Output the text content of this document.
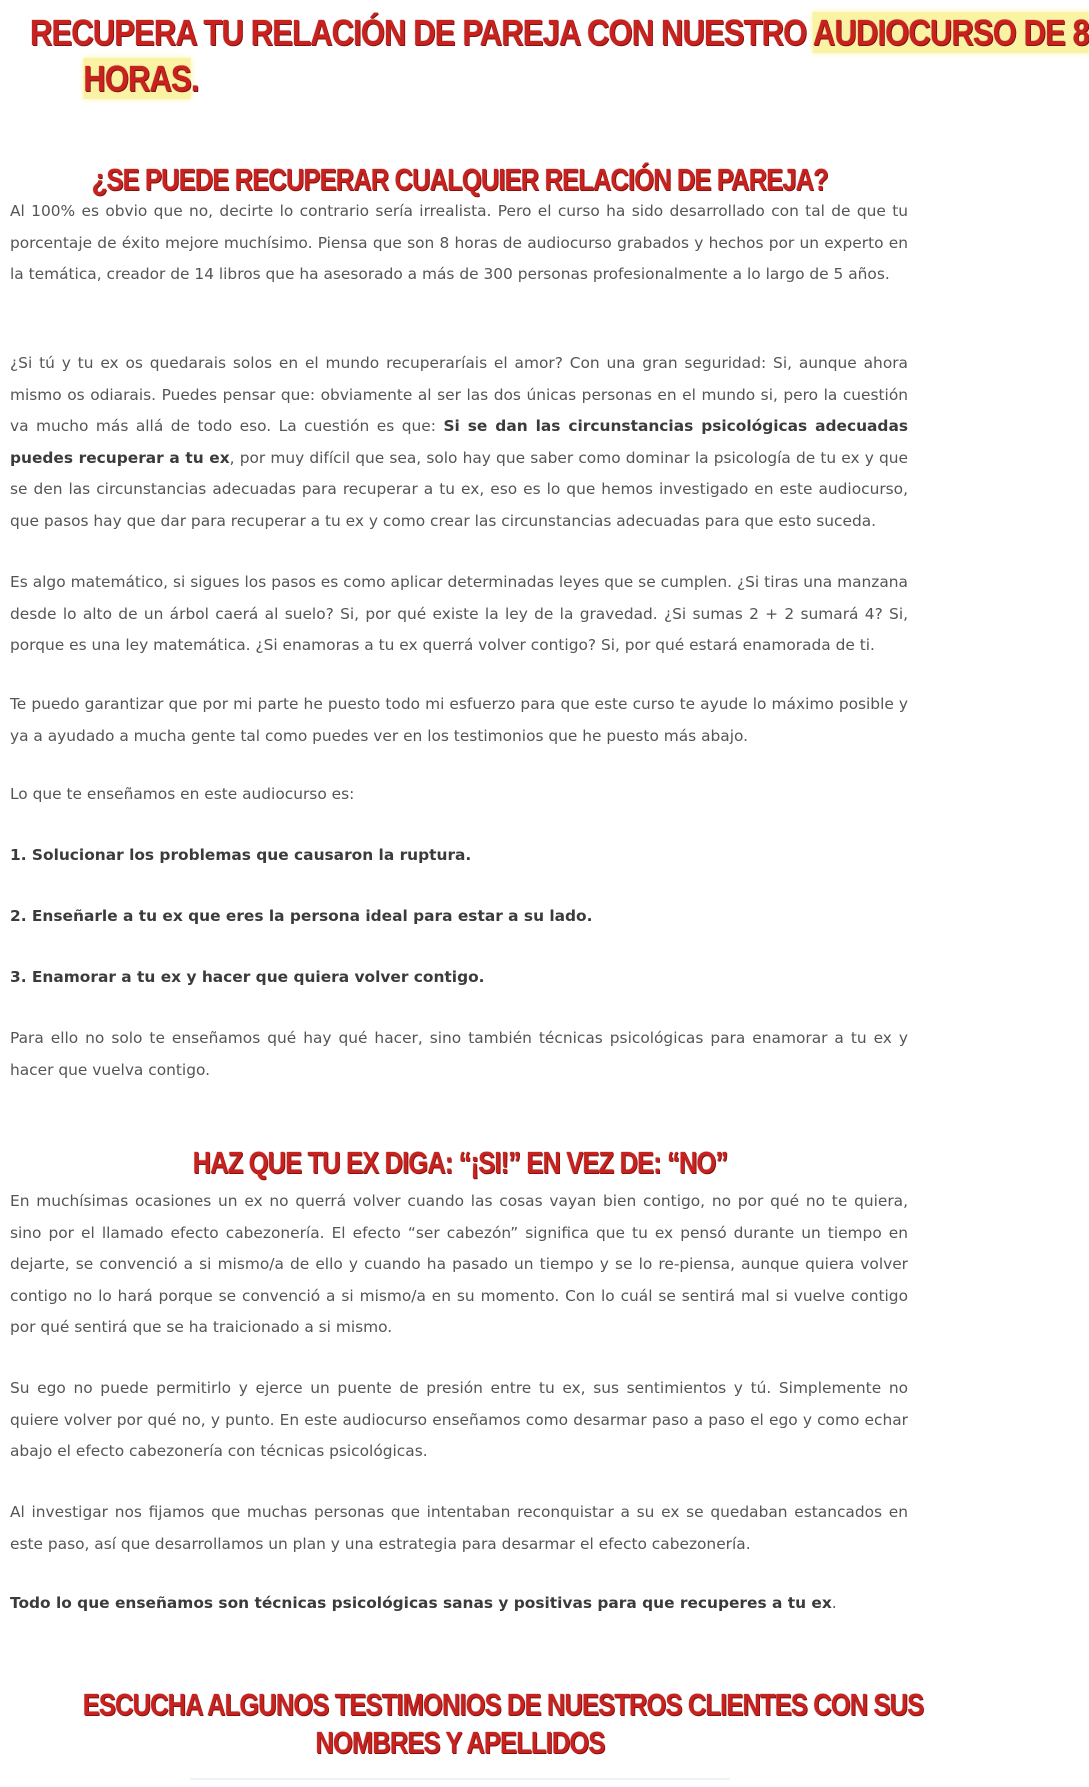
RECUPERA TU RELACIÓN DE PAREJA CON NUESTRO AUDIOCURSO DE 8
HORAS.
¿SE PUEDE RECUPERAR CUALQUIER RELACIÓN DE PAREJA?

Al 100% es obvio que no, decirte lo contrario sería irrealista. Pero el curso ha sido desarrollado con tal de que tu porcentaje de éxito mejore muchísimo. Piensa que son 8 horas de audiocurso grabados y hechos por un experto en la temática, creador de 14 libros que ha asesorado a más de 300 personas profesionalmente a lo largo de 5 años.

¿Si tú y tu ex os quedarais solos en el mundo recuperaríais el amor? Con una gran seguridad: Si, aunque ahora mismo os odiarais. Puedes pensar que: obviamente al ser las dos únicas personas en el mundo si, pero la cuestión va mucho más allá de todo eso. La cuestión es que: Si se dan las circunstancias psicológicas adecuadas puedes recuperar a tu ex, por muy difícil que sea, solo hay que saber como dominar la psicología de tu ex y que se den las circunstancias adecuadas para recuperar a tu ex, eso es lo que hemos investigado en este audiocurso, que pasos hay que dar para recuperar a tu ex y como crear las circunstancias adecuadas para que esto suceda.

Es algo matemático, si sigues los pasos es como aplicar determinadas leyes que se cumplen. ¿Si tiras una manzana desde lo alto de un árbol caerá al suelo? Si, por qué existe la ley de la gravedad. ¿Si sumas 2 + 2 sumará 4? Si, porque es una ley matemática. ¿Si enamoras a tu ex querrá volver contigo? Si, por qué estará enamorada de ti.

Te puedo garantizar que por mi parte he puesto todo mi esfuerzo para que este curso te ayude lo máximo posible y ya a ayudado a mucha gente tal como puedes ver en los testimonios que he puesto más abajo.

Lo que te enseñamos en este audiocurso es:

1. Solucionar los problemas que causaron la ruptura.

2. Enseñarle a tu ex que eres la persona ideal para estar a su lado.

3. Enamorar a tu ex y hacer que quiera volver contigo.

Para ello no solo te enseñamos qué hay qué hacer, sino también técnicas psicológicas para enamorar a tu ex y hacer que vuelva contigo.

HAZ QUE TU EX DIGA: “¡SI!” EN VEZ DE: “NO”

En muchísimas ocasiones un ex no querrá volver cuando las cosas vayan bien contigo, no por qué no te quiera, sino por el llamado efecto cabezonería. El efecto “ser cabezón” significa que tu ex pensó durante un tiempo en dejarte, se convenció a si mismo/a de ello y cuando ha pasado un tiempo y se lo re-piensa, aunque quiera volver contigo no lo hará porque se convenció a si mismo/a en su momento. Con lo cuál se sentirá mal si vuelve contigo por qué sentirá que se ha traicionado a si mismo.

Su ego no puede permitirlo y ejerce un puente de presión entre tu ex, sus sentimientos y tú. Simplemente no quiere volver por qué no, y punto. En este audiocurso enseñamos como desarmar paso a paso el ego y como echar abajo el efecto cabezonería con técnicas psicológicas.

Al investigar nos fijamos que muchas personas que intentaban reconquistar a su ex se quedaban estancados en este paso, así que desarrollamos un plan y una estrategia para desarmar el efecto cabezonería.

Todo lo que enseñamos son técnicas psicológicas sanas y positivas para que recuperes a tu ex.

ESCUCHA ALGUNOS TESTIMONIOS DE NUESTROS CLIENTES CON SUS
NOMBRES Y APELLIDOS
